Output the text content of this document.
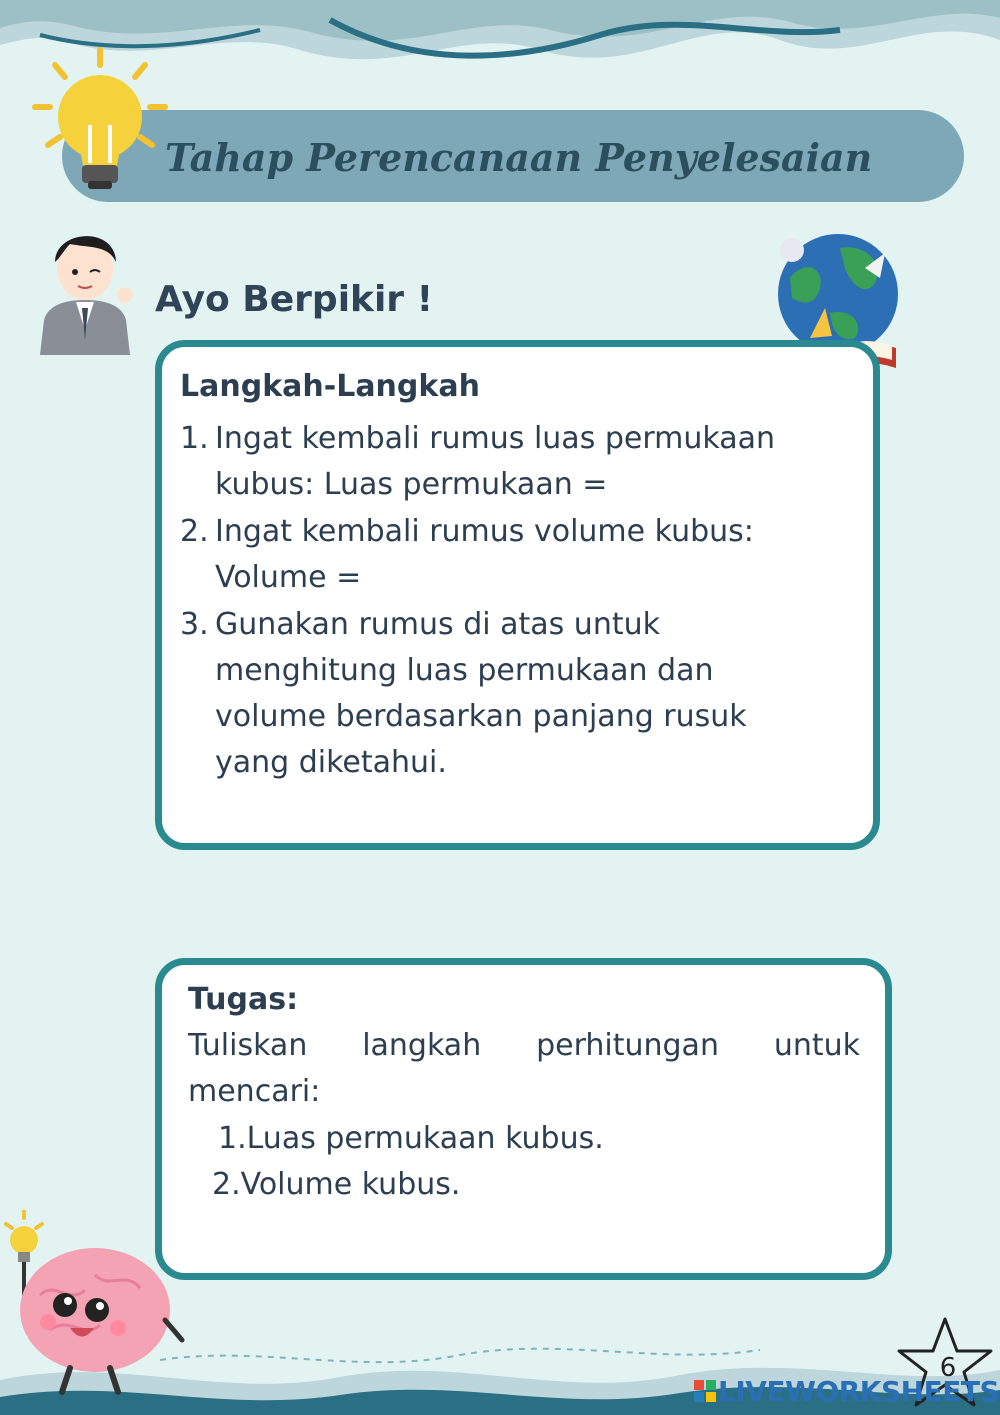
Tahap Perencanaan Penyelesaian
Ayo Berpikir !
Langkah-Langkah
1. Ingat kembali rumus luas permukaan
kubus: Luas permukaan =
2. Ingat kembali rumus volume kubus:
Volume =
3. Gunakan rumus di atas untuk
menghitung luas permukaan dan
volume berdasarkan panjang rusuk
yang diketahui.
Tugas:
Tuliskan langkah perhitungan untuk
mencari:
1.Luas permukaan kubus.
2.Volume kubus.
6
LIVEWORKSHEETS
